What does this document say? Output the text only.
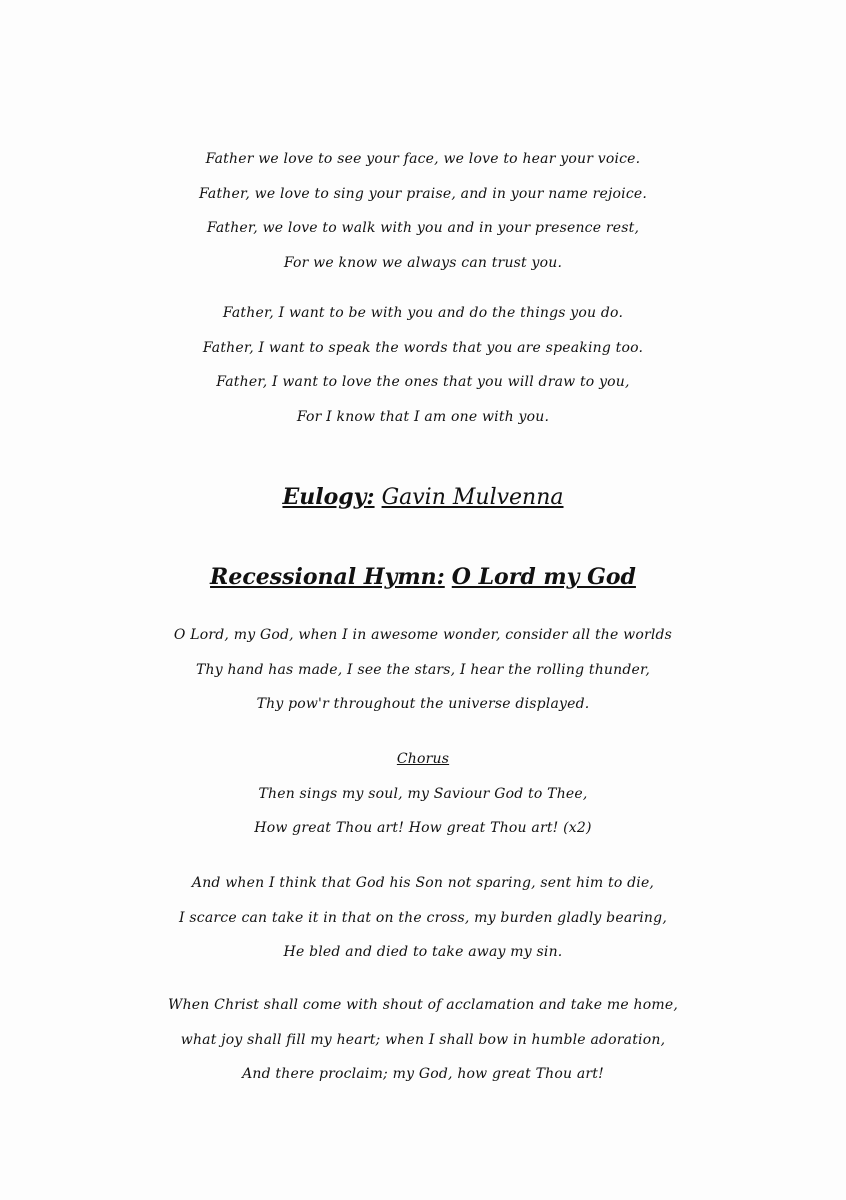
Father we love to see your face, we love to hear your voice.
Father, we love to sing your praise, and in your name rejoice.
Father, we love to walk with you and in your presence rest,
For we know we always can trust you.
Father, I want to be with you and do the things you do.
Father, I want to speak the words that you are speaking too.
Father, I want to love the ones that you will draw to you,
For I know that I am one with you.
Eulogy: Gavin Mulvenna
Recessional Hymn: O Lord my God
O Lord, my God, when I in awesome wonder, consider all the worlds
Thy hand has made, I see the stars, I hear the rolling thunder,
Thy pow'r throughout the universe displayed.
Chorus
Then sings my soul, my Saviour God to Thee,
How great Thou art! How great Thou art! (x2)
And when I think that God his Son not sparing, sent him to die,
I scarce can take it in that on the cross, my burden gladly bearing,
He bled and died to take away my sin.
When Christ shall come with shout of acclamation and take me home,
what joy shall fill my heart; when I shall bow in humble adoration,
And there proclaim; my God, how great Thou art!
